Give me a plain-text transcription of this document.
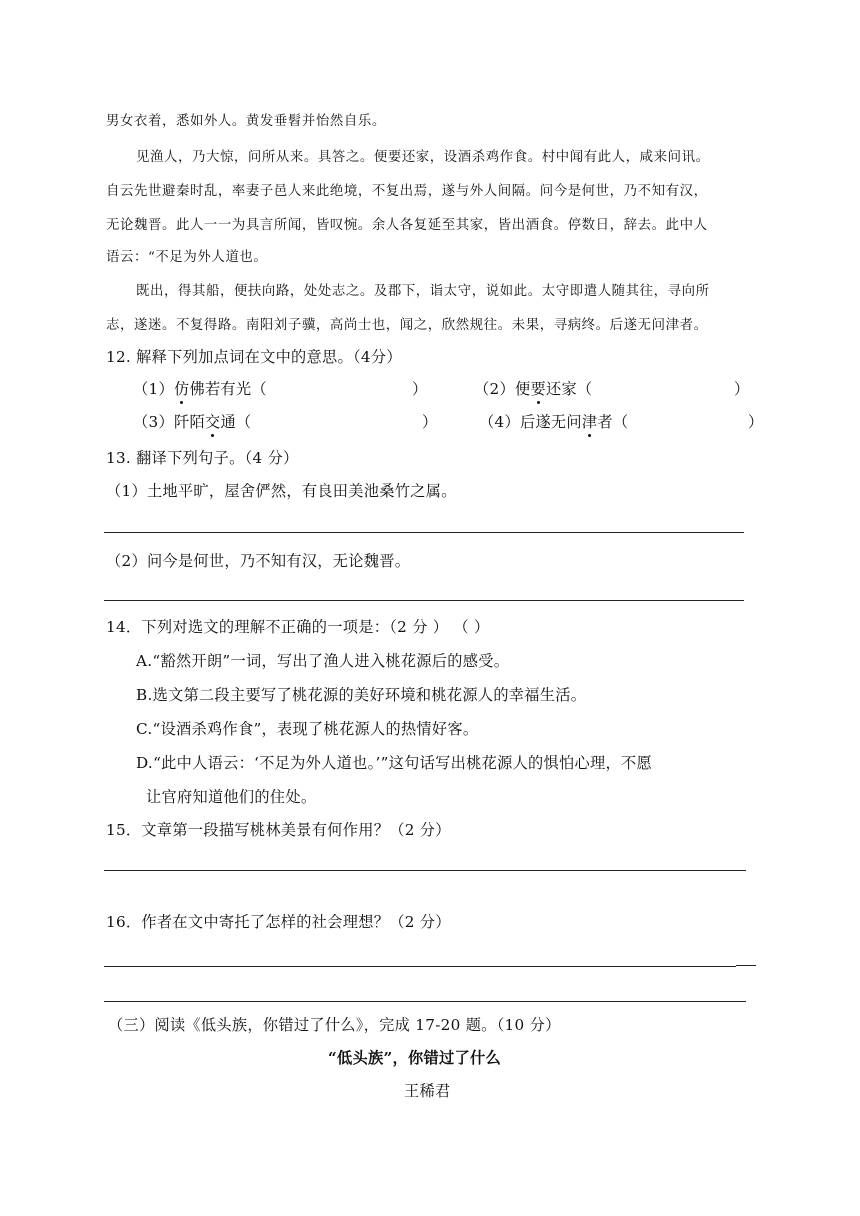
男女衣着，悉如外人。黄发垂髫并怡然自乐。
见渔人，乃大惊，问所从来。具答之。便要还家，设酒杀鸡作食。村中闻有此人，咸来问讯。
自云先世避秦时乱，率妻子邑人来此绝境，不复出焉，遂与外人间隔。问今是何世，乃不知有汉，
无论魏晋。此人一一为具言所闻，皆叹惋。余人各复延至其家，皆出酒食。停数日，辞去。此中人
语云：“不足为外人道也。
既出，得其船，便扶向路，处处志之。及郡下，诣太守，说如此。太守即遣人随其往，寻向所
志，遂迷。不复得路。南阳刘子骥，高尚士也，闻之，欣然规往。未果，寻病终。后遂无问津者。
12. 解释下列加点词在文中的意思。（4分）
（1）仿佛若有光（	）	（2）便要还家（	）
（3）阡陌交通（	）	（4）后遂无问津者（	）
13. 翻译下列句子。（4 分）
（1）土地平旷，屋舍俨然，有良田美池桑竹之属。
（2）问今是何世，乃不知有汉，无论魏晋。
14．下列对选文的理解不正确的一项是：（2 分 ） （ ）
A.“豁然开朗”一词，写出了渔人进入桃花源后的感受。
B.选文第二段主要写了桃花源的美好环境和桃花源人的幸福生活。
C.“设酒杀鸡作食”，表现了桃花源人的热情好客。
D.“此中人语云：‘不足为外人道也。’”这句话写出桃花源人的惧怕心理，不愿
让官府知道他们的住处。
15．文章第一段描写桃林美景有何作用？（2 分）
16．作者在文中寄托了怎样的社会理想？（2 分）
（三）阅读《低头族，你错过了什么》，完成 17-20 题。（10 分）
“低头族”，你错过了什么
王稀君
